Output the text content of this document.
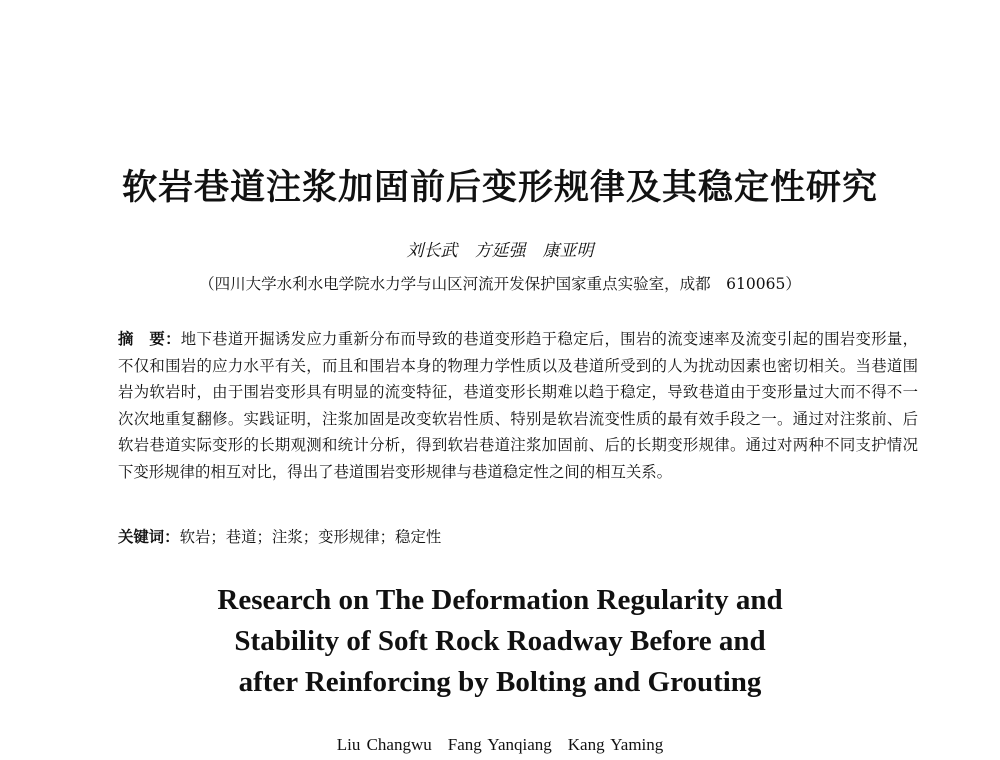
软岩巷道注浆加固前后变形规律及其稳定性研究
刘长武　方延强　康亚明
（四川大学水利水电学院水力学与山区河流开发保护国家重点实验室，成都　610065）

摘　要：地下巷道开掘诱发应力重新分布而导致的巷道变形趋于稳定后，围岩的流变速率及流变引起的围岩变形量，不仅和围岩的应力水平有关，而且和围岩本身的物理力学性质以及巷道所受到的人为扰动因素也密切相关。当巷道围岩为软岩时，由于围岩变形具有明显的流变特征，巷道变形长期难以趋于稳定，导致巷道由于变形量过大而不得不一次次地重复翻修。实践证明，注浆加固是改变软岩性质、特别是软岩流变性质的最有效手段之一。通过对注浆前、后软岩巷道实际变形的长期观测和统计分析，得到软岩巷道注浆加固前、后的长期变形规律。通过对两种不同支护情况下变形规律的相互对比，得出了巷道围岩变形规律与巷道稳定性之间的相互关系。

关键词：软岩；巷道；注浆；变形规律；稳定性

Research on The Deformation Regularity and
Stability of Soft Rock Roadway Before and
after Reinforcing by Bolting and Grouting
Liu Changwu Fang Yanqiang Kang Yaming
